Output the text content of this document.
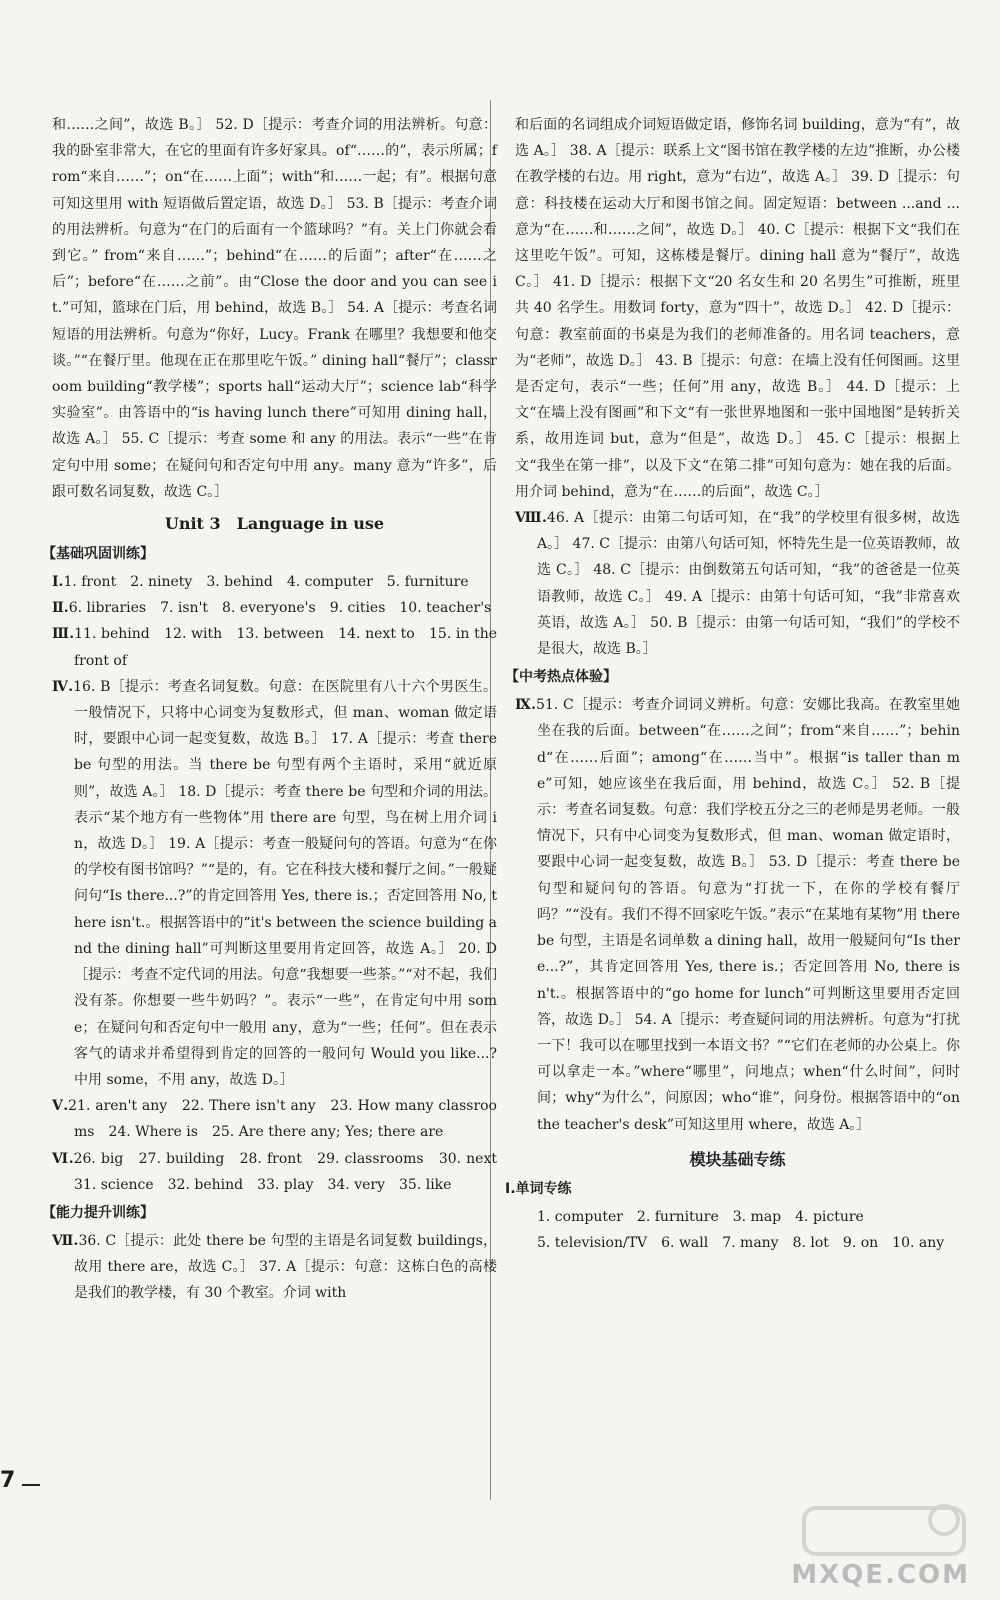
和……之间”，故选 B。］ 52. D［提示：考查介词的用法辨析。句意：我的卧室非常大，在它的里面有许多好家具。of“……的”，表示所属；from“来自……”；on“在……上面”；with“和……一起；有”。根据句意可知这里用 with 短语做后置定语，故选 D。］ 53. B［提示：考查介词的用法辨析。句意为“在门的后面有一个篮球吗？”有。关上门你就会看到它。” from“来自……”；behind“在……的后面”；after“在……之后”；before“在……之前”。由“Close the door and you can see it.”可知，篮球在门后，用 behind，故选 B。］ 54. A［提示：考查名词短语的用法辨析。句意为“你好，Lucy。Frank 在哪里？我想要和他交谈。”“在餐厅里。他现在正在那里吃午饭。” dining hall“餐厅”；classroom building“教学楼”；sports hall“运动大厅”；science lab“科学实验室”。由答语中的“is having lunch there”可知用 dining hall，故选 A。］ 55. C［提示：考查 some 和 any 的用法。表示“一些”在肯定句中用 some；在疑问句和否定句中用 any。many 意为“许多”，后跟可数名词复数，故选 C。］

Unit 3　Language in use
【基础巩固训练】

Ⅰ.1. front　2. ninety　3. behind　4. computer　5. furniture

Ⅱ.6. libraries　7. isn't　8. everyone's　9. cities　10. teacher's

Ⅲ.11. behind　12. with　13. between　14. next to　15. in the front of

Ⅳ.16. B［提示：考查名词复数。句意：在医院里有八十六个男医生。一般情况下，只将中心词变为复数形式，但 man、woman 做定语时，要跟中心词一起变复数，故选 B。］ 17. A［提示：考查 there be 句型的用法。当 there be 句型有两个主语时，采用“就近原则”，故选 A。］ 18. D［提示：考查 there be 句型和介词的用法。表示“某个地方有一些物体”用 there are 句型，鸟在树上用介词 in，故选 D。］ 19. A［提示：考查一般疑问句的答语。句意为“在你的学校有图书馆吗？”“是的，有。它在科技大楼和餐厅之间。”一般疑问句“Is there...?”的肯定回答用 Yes, there is.；否定回答用 No, there isn't.。根据答语中的“it's between the science building and the dining hall”可判断这里要用肯定回答，故选 A。］ 20. D［提示：考查不定代词的用法。句意“我想要一些茶。”“对不起，我们没有茶。你想要一些牛奶吗？”。表示“一些”，在肯定句中用 some；在疑问句和否定句中一般用 any，意为“一些；任何”。但在表示客气的请求并希望得到肯定的回答的一般问句 Would you like...? 中用 some，不用 any，故选 D。］

Ⅴ.21. aren't any　22. There isn't any　23. How many classrooms　24. Where is　25. Are there any; Yes; there are

Ⅵ.26. big　27. building　28. front　29. classrooms　30. next　31. science　32. behind　33. play　34. very　35. like

【能力提升训练】

Ⅶ.36. C［提示：此处 there be 句型的主语是名词复数 buildings，故用 there are，故选 C。］ 37. A［提示：句意：这栋白色的高楼是我们的教学楼，有 30 个教室。介词 with

和后面的名词组成介词短语做定语，修饰名词 building，意为“有”，故选 A。］ 38. A［提示：联系上文“图书馆在教学楼的左边”推断，办公楼在教学楼的右边。用 right，意为“右边”，故选 A。］ 39. D［提示：句意：科技楼在运动大厅和图书馆之间。固定短语：between ...and ... 意为“在……和……之间”，故选 D。］ 40. C［提示：根据下文“我们在这里吃午饭”。可知，这栋楼是餐厅。dining hall 意为“餐厅”，故选 C。］ 41. D［提示：根据下文“20 名女生和 20 名男生”可推断，班里共 40 名学生。用数词 forty，意为“四十”，故选 D。］ 42. D［提示：句意：教室前面的书桌是为我们的老师准备的。用名词 teachers，意为“老师”，故选 D。］ 43. B［提示：句意：在墙上没有任何图画。这里是否定句，表示“一些；任何”用 any，故选 B。］ 44. D［提示：上文“在墙上没有图画”和下文“有一张世界地图和一张中国地图”是转折关系，故用连词 but，意为“但是”，故选 D。］ 45. C［提示：根据上文“我坐在第一排”，以及下文“在第二排”可知句意为：她在我的后面。用介词 behind，意为“在……的后面”，故选 C。］

Ⅷ.46. A［提示：由第二句话可知，在“我”的学校里有很多树，故选 A。］ 47. C［提示：由第八句话可知，怀特先生是一位英语教师，故选 C。］ 48. C［提示：由倒数第五句话可知，“我”的爸爸是一位英语教师，故选 C。］ 49. A［提示：由第十句话可知，“我”非常喜欢英语，故选 A。］ 50. B［提示：由第一句话可知，“我们”的学校不是很大，故选 B。］

【中考热点体验】

Ⅸ.51. C［提示：考查介词词义辨析。句意：安娜比我高。在教室里她坐在我的后面。between“在……之间”；from“来自……”；behind“在……后面”；among“在……当中”。根据“is taller than me”可知，她应该坐在我后面，用 behind，故选 C。］ 52. B［提示：考查名词复数。句意：我们学校五分之三的老师是男老师。一般情况下，只有中心词变为复数形式，但 man、woman 做定语时，要跟中心词一起变复数，故选 B。］ 53. D［提示：考查 there be 句型和疑问句的答语。句意为“打扰一下，在你的学校有餐厅吗？”“没有。我们不得不回家吃午饭。”表示“在某地有某物”用 there be 句型，主语是名词单数 a dining hall，故用一般疑问句“Is there...?”，其肯定回答用 Yes, there is.；否定回答用 No, there isn't.。根据答语中的“go home for lunch”可判断这里要用否定回答，故选 D。］ 54. A［提示：考查疑问词的用法辨析。句意为“打扰一下！我可以在哪里找到一本语文书？”“它们在老师的办公桌上。你可以拿走一本。”where“哪里”，问地点；when“什么时间”，问时间；why“为什么”，问原因；who“谁”，问身份。根据答语中的“on the teacher's desk”可知这里用 where，故选 A。］

模块基础专练
Ⅰ.单词专练

1. computer　2. furniture　3. map　4. picture

5. television/TV　6. wall　7. many　8. lot　9. on　10. any

7
MXQE.COM
